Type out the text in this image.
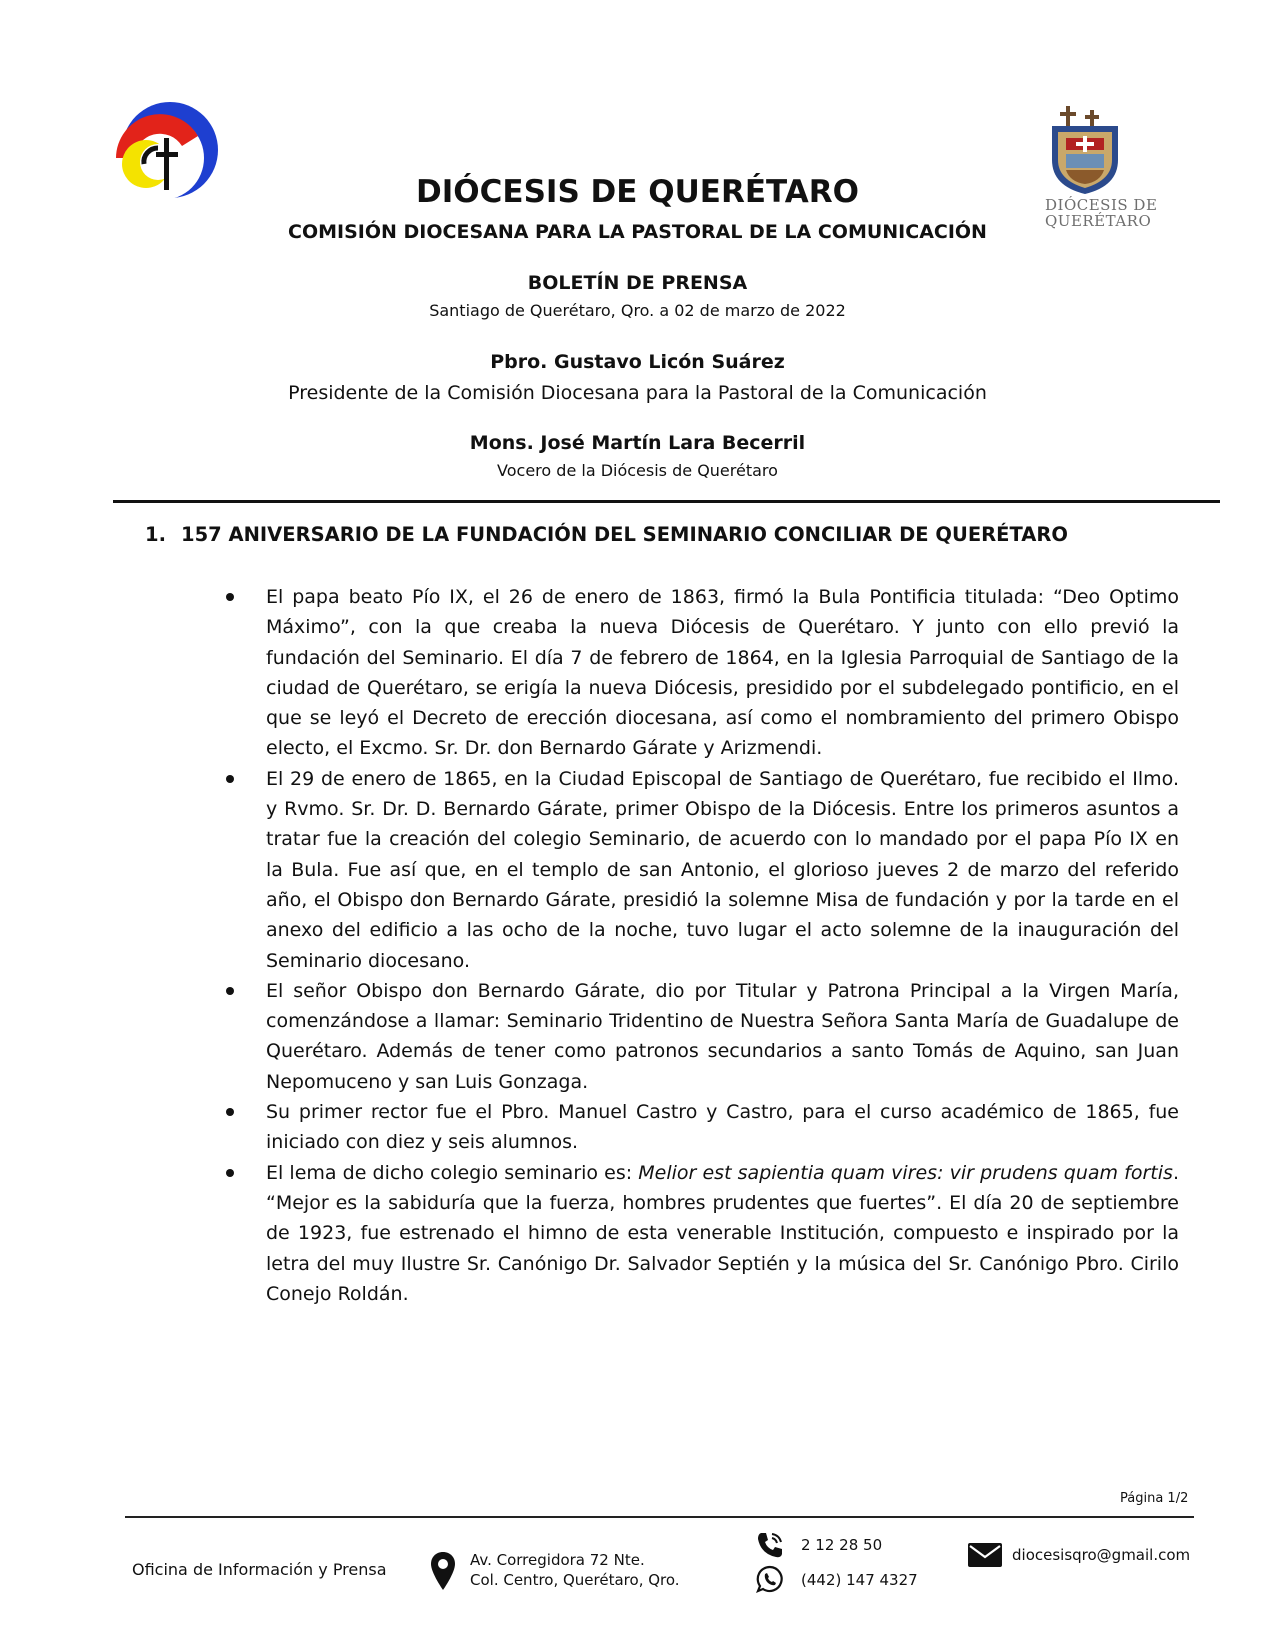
DIÓCESIS DE
QUERÉTARO
DIÓCESIS DE QUERÉTARO
COMISIÓN DIOCESANA PARA LA PASTORAL DE LA COMUNICACIÓN
BOLETÍN DE PRENSA
Santiago de Querétaro, Qro. a 02 de marzo de 2022
Pbro. Gustavo Licón Suárez
Presidente de la Comisión Diocesana para la Pastoral de la Comunicación
Mons. José Martín Lara Becerril
Vocero de la Diócesis de Querétaro
1. 157 ANIVERSARIO DE LA FUNDACIÓN DEL SEMINARIO CONCILIAR DE QUERÉTARO
El papa beato Pío IX, el 26 de enero de 1863, firmó la Bula Pontificia titulada: “Deo Optimo Máximo”, con la que creaba la nueva Diócesis de Querétaro. Y junto con ello previó la fundación del Seminario. El día 7 de febrero de 1864, en la Iglesia Parroquial de Santiago de la ciudad de Querétaro, se erigía la nueva Diócesis, presidido por el subdelegado pontificio, en el que se leyó el Decreto de erección diocesana, así como el nombramiento del primero Obispo electo, el Excmo. Sr. Dr. don Bernardo Gárate y Arizmendi.
El 29 de enero de 1865, en la Ciudad Episcopal de Santiago de Querétaro, fue recibido el Ilmo. y Rvmo. Sr. Dr. D. Bernardo Gárate, primer Obispo de la Diócesis. Entre los primeros asuntos a tratar fue la creación del colegio Seminario, de acuerdo con lo mandado por el papa Pío IX en la Bula. Fue así que, en el templo de san Antonio, el glorioso jueves 2 de marzo del referido año, el Obispo don Bernardo Gárate, presidió la solemne Misa de fundación y por la tarde en el anexo del edificio a las ocho de la noche, tuvo lugar el acto solemne de la inauguración del Seminario diocesano.
El señor Obispo don Bernardo Gárate, dio por Titular y Patrona Principal a la Virgen María, comenzándose a llamar: Seminario Tridentino de Nuestra Señora Santa María de Guadalupe de Querétaro. Además de tener como patronos secundarios a santo Tomás de Aquino, san Juan Nepomuceno y san Luis Gonzaga.
Su primer rector fue el Pbro. Manuel Castro y Castro, para el curso académico de 1865, fue iniciado con diez y seis alumnos.
El lema de dicho colegio seminario es: Melior est sapientia quam vires: vir prudens quam fortis. “Mejor es la sabiduría que la fuerza, hombres prudentes que fuertes”. El día 20 de septiembre de 1923, fue estrenado el himno de esta venerable Institución, compuesto e inspirado por la letra del muy Ilustre Sr. Canónigo Dr. Salvador Septién y la música del Sr. Canónigo Pbro. Cirilo Conejo Roldán.
Página 1/2
Oficina de Información y Prensa	Av. Corregidora 72 Nte.
Col. Centro, Querétaro, Qro.
2 12 28 50
(442) 147 4327
diocesisqro@gmail.com
